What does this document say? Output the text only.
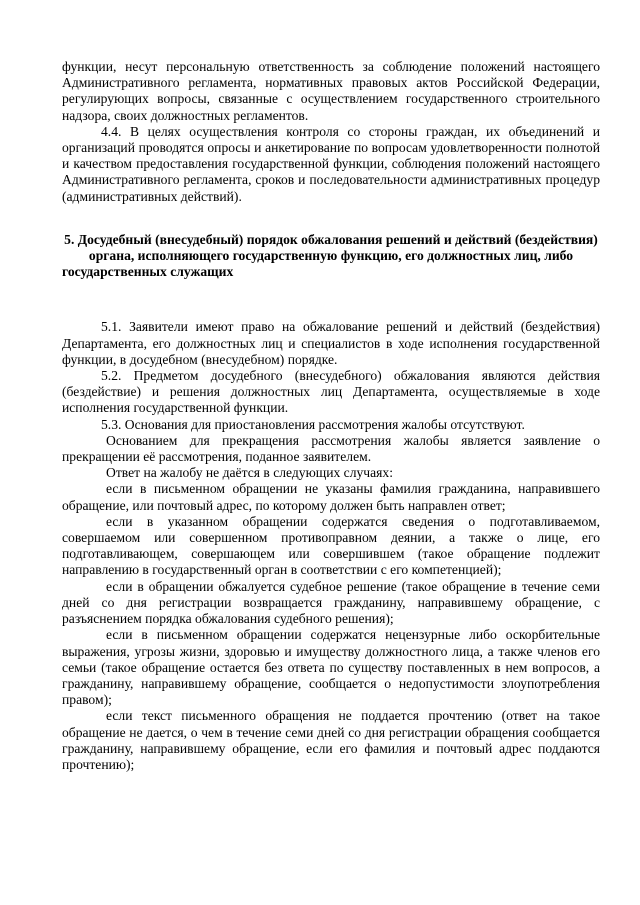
функции, несут персональную ответственность за соблюдение положений настоящего Административного регламента, нормативных правовых актов Российской Федерации, регулирующих вопросы, связанные с осуществлением государственного строительного надзора, своих должностных регламентов.

4.4. В целях осуществления контроля со стороны граждан, их объединений и организаций проводятся опросы и анкетирование по вопросам удовлетворенности полнотой и качеством предоставления государственной функции, соблюдения положений настоящего Административного регламента, сроков и последовательности административных процедур (административных действий).

5. Досудебный (внесудебный) порядок обжалования решений и действий (бездействия) органа, исполняющего государственную функцию, его должностных лиц, либо государственных служащих

5.1. Заявители имеют право на обжалование решений и действий (бездействия) Департамента, его должностных лиц и специалистов в ходе исполнения государственной функции, в досудебном (внесудебном) порядке.

5.2. Предметом досудебного (внесудебного) обжалования являются действия (бездействие) и решения должностных лиц Департамента, осуществляемые в ходе исполнения государственной функции.

5.3. Основания для приостановления рассмотрения жалобы отсутствуют.

Основанием для прекращения рассмотрения жалобы является заявление о прекращении её рассмотрения, поданное заявителем.

Ответ на жалобу не даётся в следующих случаях:

если в письменном обращении не указаны фамилия гражданина, направившего обращение, или почтовый адрес, по которому должен быть направлен ответ;

если в указанном обращении содержатся сведения о подготавливаемом, совершаемом или совершенном противоправном деянии, а также о лице, его подготавливающем, совершающем или совершившем (такое обращение подлежит направлению в государственный орган в соответствии с его компетенцией);

если в обращении обжалуется судебное решение (такое обращение в течение семи дней со дня регистрации возвращается гражданину, направившему обращение, с разъяснением порядка обжалования судебного решения);

если в письменном обращении содержатся нецензурные либо оскорбительные выражения, угрозы жизни, здоровью и имуществу должностного лица, а также членов его семьи (такое обращение остается без ответа по существу поставленных в нем вопросов, а гражданину, направившему обращение, сообщается о недопустимости злоупотребления правом);

если текст письменного обращения не поддается прочтению (ответ на такое обращение не дается, о чем в течение семи дней со дня регистрации обращения сообщается гражданину, направившему обращение, если его фамилия и почтовый адрес поддаются прочтению);
